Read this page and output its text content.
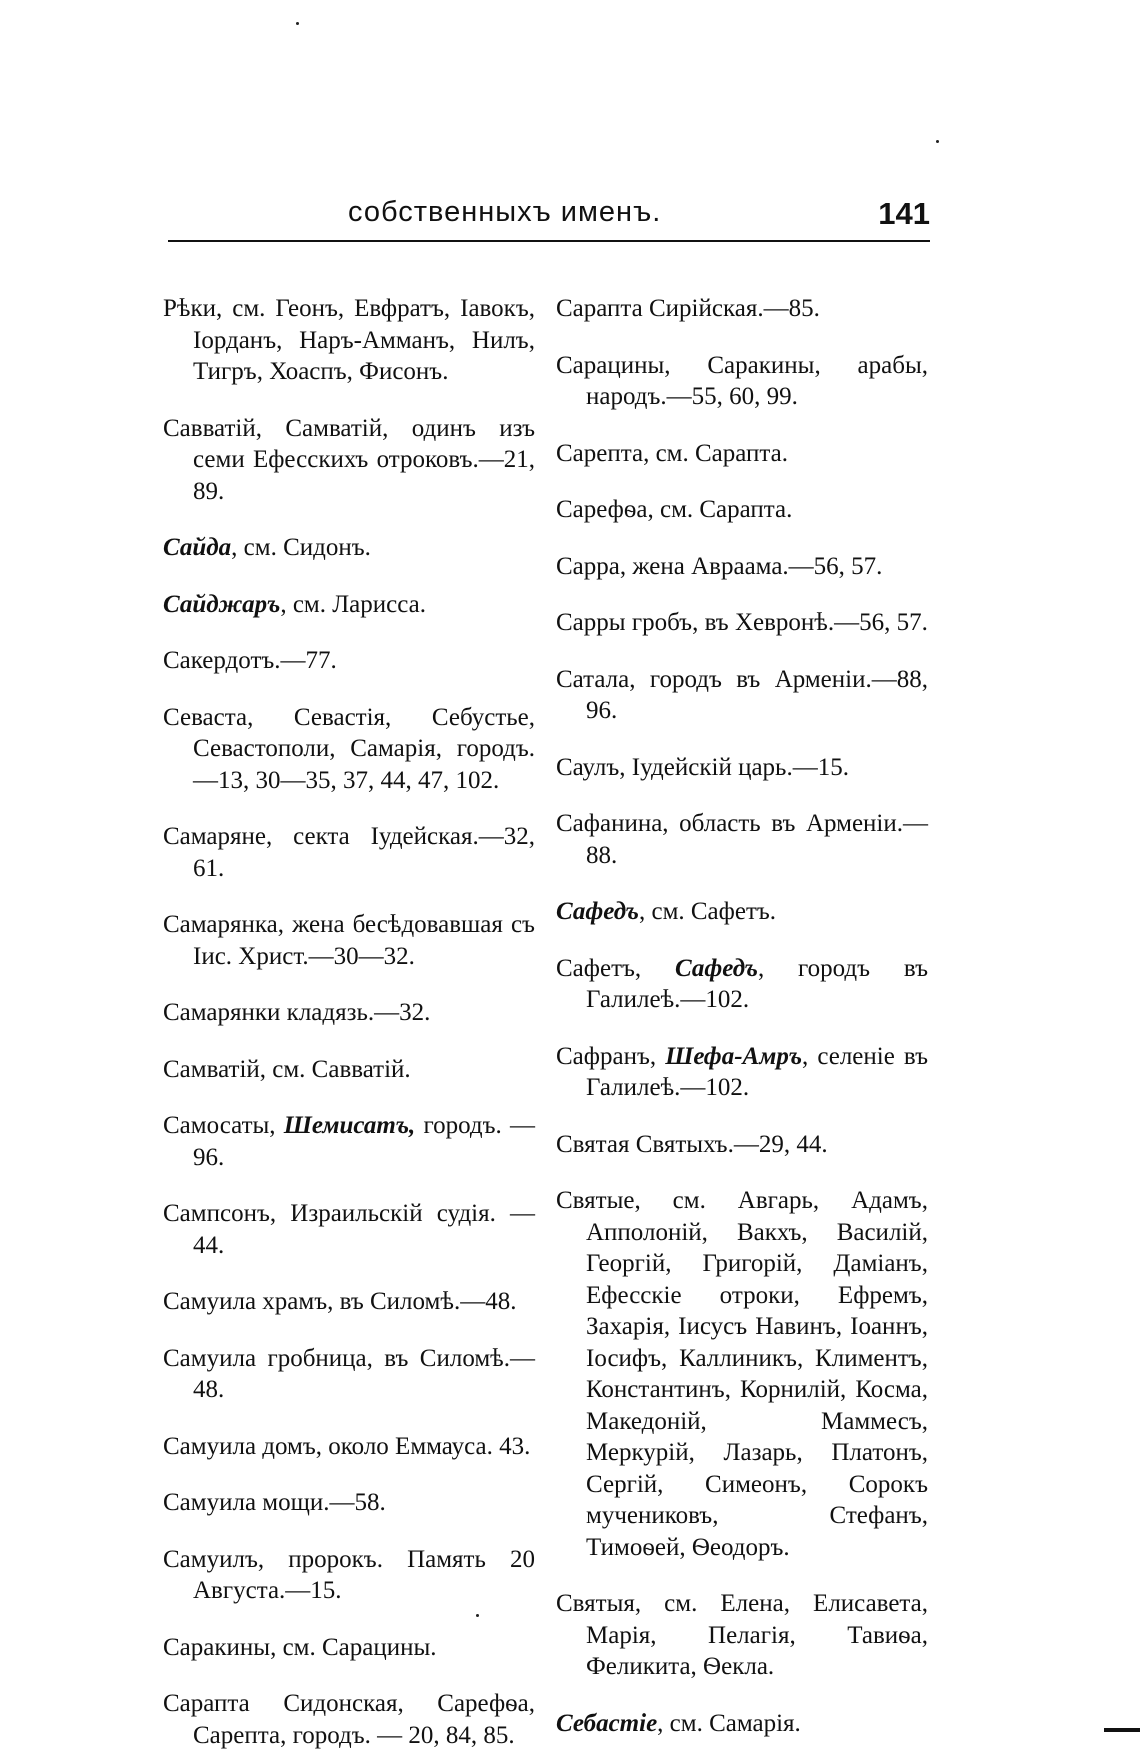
собственныхъ именъ.	141

Рѣки, см. Геонъ, Евфратъ, Іавокъ, Іорданъ, Наръ-Амманъ, Нилъ, Тигръ, Хоаспъ, Фисонъ.

Савватій, Самватій, одинъ изъ семи Ефесскихъ отроковъ.—21, 89.

Сайда, см. Сидонъ.

Сайджаръ, см. Ларисса.

Сакердотъ.—77.

Севаста, Севастія, Себустье, Севастополи, Самарія, городъ.—13, 30—35, 37, 44, 47, 102.

Самаряне, секта Іудейская.—32, 61.

Самарянка, жена бесѣдовавшая съ Іис. Христ.—30—32.

Самарянки кладязь.—32.

Самватій, см. Савватій.

Самосаты, Шемисатъ, городъ. — 96.

Сампсонъ, Израильскій судія. — 44.

Самуила храмъ, въ Силомѣ.—48.

Самуила гробница, въ Силомѣ.—48.

Самуила домъ, около Еммауса. 43.

Самуила мощи.—58.

Самуилъ, пророкъ. Память 20 Августа.—15.

Саракины, см. Сарацины.

Сарапта Сидонская, Сарефѳа, Сарепта, городъ. — 20, 84, 85.

Сарапта Сирійская.—85.

Сарацины, Саракины, арабы, народъ.—55, 60, 99.

Сарепта, см. Сарапта.

Сарефѳа, см. Сарапта.

Сарра, жена Авраама.—56, 57.

Сарры гробъ, въ Хевронѣ.—56, 57.

Сатала, городъ въ Арменіи.—88, 96.

Саулъ, Іудейскій царь.—15.

Сафанина, область въ Арменіи.—88.

Сафедъ, см. Сафетъ.

Сафетъ, Сафедъ, городъ въ Галилеѣ.—102.

Сафранъ, Шефа-Амръ, селеніе въ Галилеѣ.—102.

Святая Святыхъ.—29, 44.

Святые, см. Авгарь, Адамъ, Апполоній, Вакхъ, Василій, Георгій, Григорій, Даміанъ, Ефесскіе отроки, Ефремъ, Захарія, Іисусъ Навинъ, Іоаннъ, Іосифъ, Каллиникъ, Климентъ, Константинъ, Корнилій, Косма, Македоній, Маммесъ, Меркурій, Лазарь, Платонъ, Сергій, Симеонъ, Сорокъ мучениковъ, Стефанъ, Тимоѳей, Ѳеодоръ.

Святыя, см. Елена, Елисавета, Марія, Пелагія, Тавиѳа, Феликита, Ѳекла.

Себастіе, см. Самарія.
